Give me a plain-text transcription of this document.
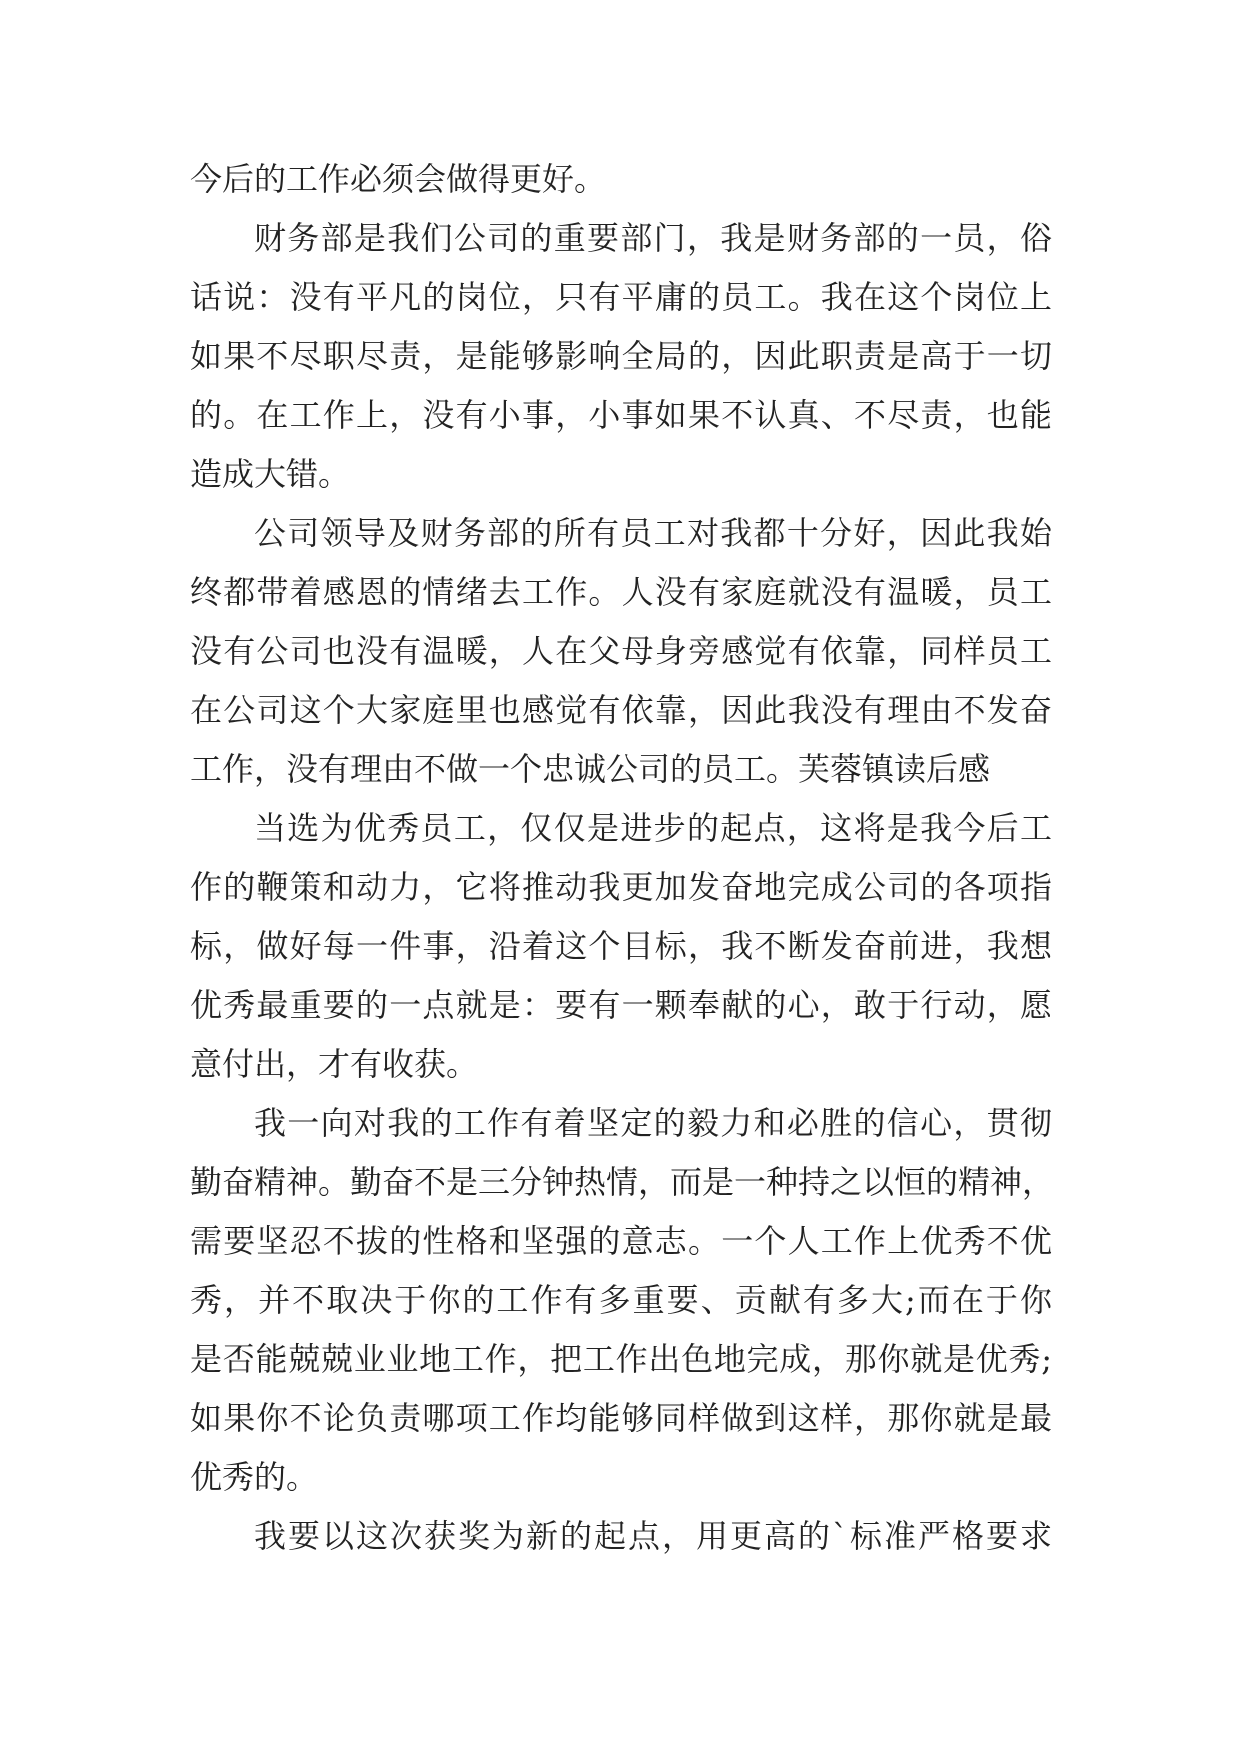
今后的工作必须会做得更好。
财务部是我们公司的重要部门，我是财务部的一员，俗
话说：没有平凡的岗位，只有平庸的员工。我在这个岗位上
如果不尽职尽责，是能够影响全局的，因此职责是高于一切
的。在工作上，没有小事，小事如果不认真、不尽责，也能
造成大错。
公司领导及财务部的所有员工对我都十分好，因此我始
终都带着感恩的情绪去工作。人没有家庭就没有温暖，员工
没有公司也没有温暖，人在父母身旁感觉有依靠，同样员工
在公司这个大家庭里也感觉有依靠，因此我没有理由不发奋
工作，没有理由不做一个忠诚公司的员工。芙蓉镇读后感
当选为优秀员工，仅仅是进步的起点，这将是我今后工
作的鞭策和动力，它将推动我更加发奋地完成公司的各项指
标，做好每一件事，沿着这个目标，我不断发奋前进，我想
优秀最重要的一点就是：要有一颗奉献的心，敢于行动，愿
意付出，才有收获。
我一向对我的工作有着坚定的毅力和必胜的信心，贯彻
勤奋精神。勤奋不是三分钟热情，而是一种持之以恒的精神，
需要坚忍不拔的性格和坚强的意志。一个人工作上优秀不优
秀，并不取决于你的工作有多重要、贡献有多大;而在于你
是否能兢兢业业地工作，把工作出色地完成，那你就是优秀;
如果你不论负责哪项工作均能够同样做到这样，那你就是最
优秀的。
我要以这次获奖为新的起点，用更高的`标准严格要求
